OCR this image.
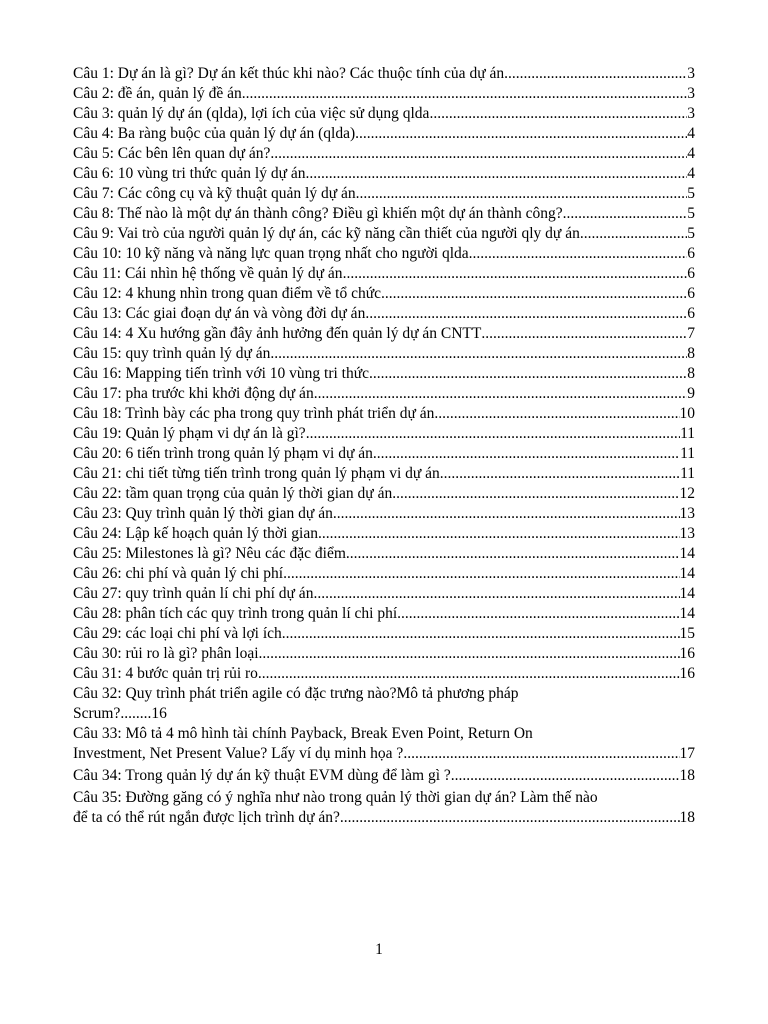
Câu 1: Dự án là gì? Dự án kết thúc khi nào? Các thuộc tính của dự án .....	3
Câu 2: đề án, quản lý đề án .....	3
Câu 3: quản lý dự án (qlda), lợi ích của việc sử dụng qlda .....	3
Câu 4: Ba ràng buộc của quản lý dự án (qlda) .....	4
Câu 5: Các bên lên quan dự án? .....	4
Câu 6: 10 vùng tri thức quản lý dự án .....	4
Câu 7: Các công cụ và kỹ thuật quản lý dự án .....	5
Câu 8: Thế nào là một dự án thành công? Điều gì khiến một dự án thành công? .....	5
Câu 9: Vai trò của người quản lý dự án, các kỹ năng cần thiết của người qly dự án .....	5
Câu 10: 10 kỹ năng và năng lực quan trọng nhất cho người qlda .....	6
Câu 11: Cái nhìn hệ thống về quản lý dự án .....	6
Câu 12: 4 khung nhìn trong quan điểm về tổ chức .....	6
Câu 13: Các giai đoạn dự án và vòng đời dự án .....	6
Câu 14: 4 Xu hướng gần đây ảnh hưởng đến quản lý dự án CNTT .....	7
Câu 15: quy trình quản lý dự án .....	8
Câu 16: Mapping tiến trình với 10 vùng tri thức .....	8
Câu 17: pha trước khi khởi động dự án .....	9
Câu 18: Trình bày các pha trong quy trình phát triển dự án .....	10
Câu 19: Quản lý phạm vi dự án là gì? .....	11
Câu 20: 6 tiến trình trong quản lý phạm vi dự án .....	11
Câu 21: chi tiết từng tiến trình trong quản lý phạm vi dự án .....	11
Câu 22: tầm quan trọng của quản lý thời gian dự án .....	12
Câu 23: Quy trình quản lý thời gian dự án .....	13
Câu 24: Lập kế hoạch quản lý thời gian .....	13
Câu 25: Milestones là gì? Nêu các đặc điểm .....	14
Câu 26: chi phí và quản lý chi phí .....	14
Câu 27: quy trình quản lí chi phí dự án .....	14
Câu 28: phân tích các quy trình trong quản lí chi phí .....	14
Câu 29: các loại chi phí và lợi ích .....	15
Câu 30: rủi ro là gì? phân loại .....	16
Câu 31: 4 bước quản trị rủi ro .....	16
Câu 32: Quy trình phát triển agile có đặc trưng nào?Mô tả phương pháp
Scrum?........16
Câu 33: Mô tả 4 mô hình tài chính Payback, Break Even Point, Return On
Investment, Net Present Value? Lấy ví dụ minh họa ? .....	17
Câu 34: Trong quản lý dự án kỹ thuật EVM dùng để làm gì ? .....	18
Câu 35: Đường găng có ý nghĩa như nào trong quản lý thời gian dự án? Làm thế nào
để ta có thể rút ngắn được lịch trình dự án? .....	18
1
